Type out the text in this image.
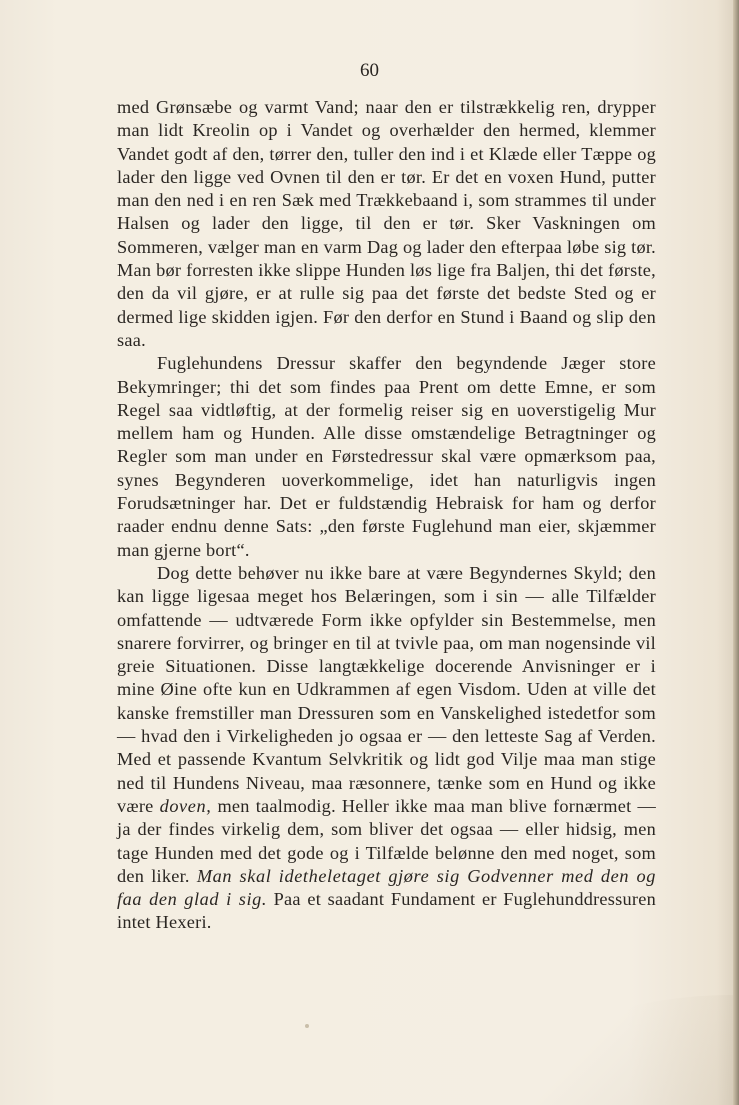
60

med Grønsæbe og varmt Vand; naar den er tilstrækkelig ren, drypper man lidt Kreolin op i Vandet og overhælder den hermed, klemmer Vandet godt af den, tørrer den, tuller den ind i et Klæde eller Tæppe og lader den ligge ved Ovnen til den er tør. Er det en voxen Hund, putter man den ned i en ren Sæk med Trækkebaand i, som strammes til under Halsen og lader den ligge, til den er tør. Sker Vaskningen om Sommeren, vælger man en varm Dag og lader den efterpaa løbe sig tør. Man bør forresten ikke slippe Hunden løs lige fra Baljen, thi det første, den da vil gjøre, er at rulle sig paa det første det bedste Sted og er dermed lige skidden igjen. Før den derfor en Stund i Baand og slip den saa.

Fuglehundens Dressur skaffer den begyndende Jæger store Bekymringer; thi det som findes paa Prent om dette Emne, er som Regel saa vidtløftig, at der formelig reiser sig en uoverstigelig Mur mellem ham og Hunden. Alle disse omstændelige Betragtninger og Regler som man under en Førstedressur skal være opmærksom paa, synes Begynderen uoverkommelige, idet han naturligvis ingen Forudsætninger har. Det er fuldstændig Hebraisk for ham og derfor raader endnu denne Sats: „den første Fuglehund man eier, skjæmmer man gjerne bort“.

Dog dette behøver nu ikke bare at være Begyndernes Skyld; den kan ligge ligesaa meget hos Belæringen, som i sin — alle Tilfælder omfattende — udtværede Form ikke opfylder sin Bestemmelse, men snarere forvirrer, og bringer en til at tvivle paa, om man nogensinde vil greie Situationen. Disse langtækkelige docerende Anvisninger er i mine Øine ofte kun en Udkrammen af egen Visdom. Uden at ville det kanske fremstiller man Dressuren som en Vanskelighed istedetfor som — hvad den i Virkeligheden jo ogsaa er — den letteste Sag af Verden. Med et passende Kvantum Selvkritik og lidt god Vilje maa man stige ned til Hundens Niveau, maa ræsonnere, tænke som en Hund og ikke være doven, men taalmodig. Heller ikke maa man blive fornærmet — ja der findes virkelig dem, som bliver det ogsaa — eller hidsig, men tage Hunden med det gode og i Tilfælde belønne den med noget, som den liker. Man skal idetheletaget gjøre sig Godvenner med den og faa den glad i sig. Paa et saadant Fundament er Fuglehunddressuren intet Hexeri.
